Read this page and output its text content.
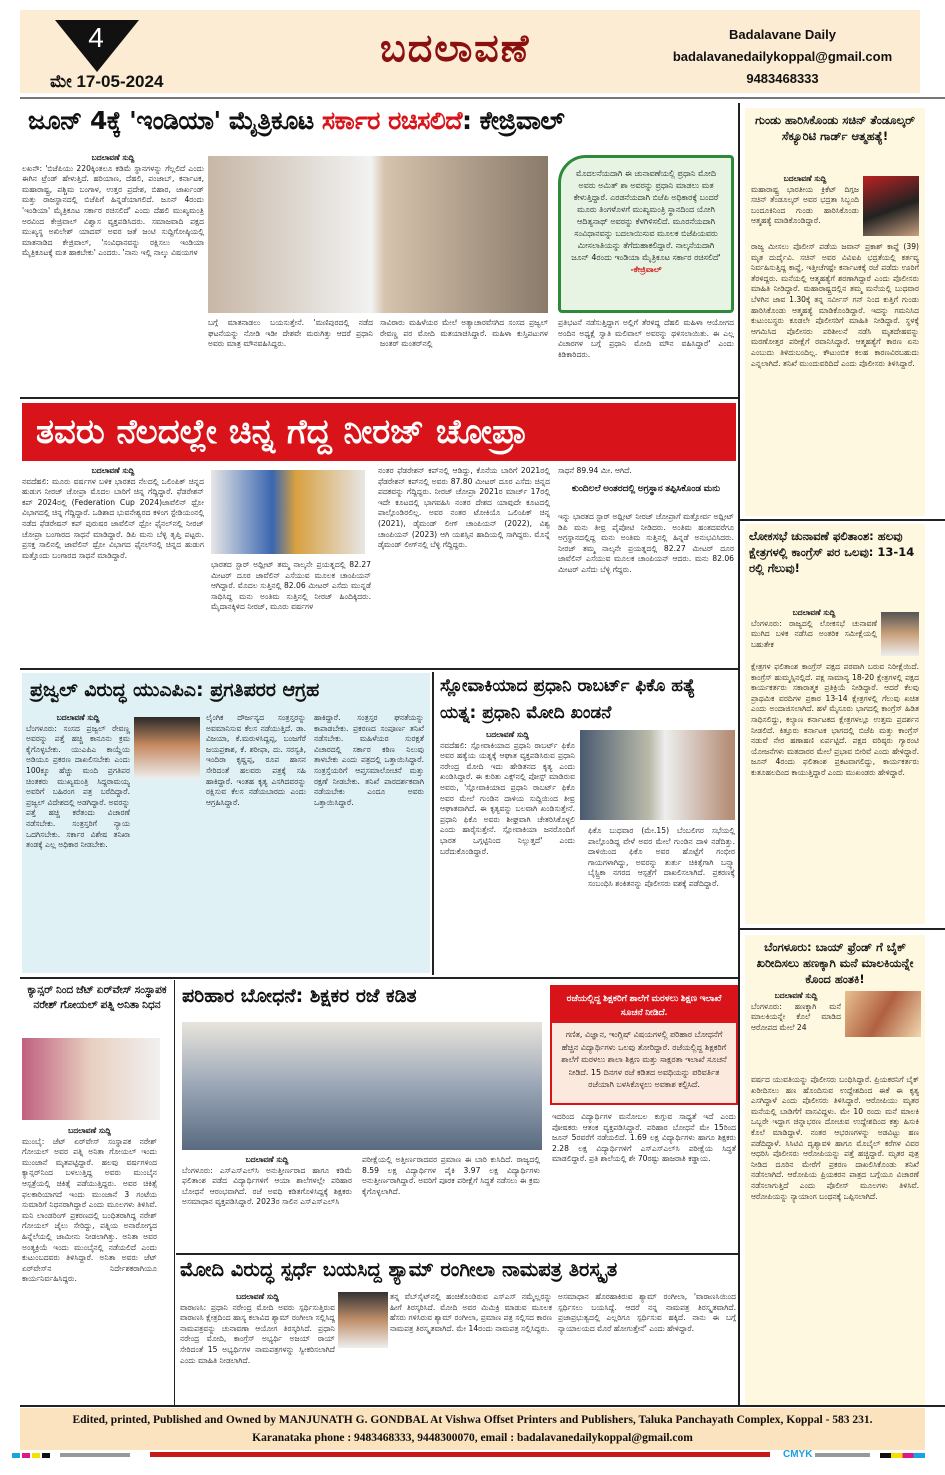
4
ಮೇ 17-05-2024
ಬದಲಾವಣೆ	Badalavane Daily
badalavanedailykoppal@gmail.com
9483468333
ಜೂನ್ 4ಕ್ಕೆ 'ಇಂಡಿಯಾ' ಮೈತ್ರಿಕೂಟ ಸರ್ಕಾರ ರಚಿಸಲಿದೆ: ಕೇಜ್ರಿವಾಲ್
ಬದಲಾವಣೆ ಸುದ್ದಿ
ಲಖನೌ: 'ಬಿಜೆಪಿಯು 220ಕ್ಕಿಂತಲೂ ಕಡಿಮೆ ಸ್ಥಾನಗಳನ್ನು ಗೆಲ್ಲಲಿದೆ ಎಂದು ಈಗಿನ ಟ್ರೆಂಡ್ ಹೇಳುತ್ತಿದೆ. ಹರಿಯಾಣ, ದೆಹಲಿ, ಪಂಜಾಬ್, ಕರ್ನಾಟಕ, ಮಹಾರಾಷ್ಟ್ರ, ಪಶ್ಚಿಮ ಬಂಗಾಳ, ಉತ್ತರ ಪ್ರದೇಶ, ಬಿಹಾರ, ಜಾರ್ಖಂಡ್ ಮತ್ತು ರಾಜಸ್ಥಾನದಲ್ಲಿ ಬಿಜೆಪಿಗೆ ಹಿನ್ನಡೆಯಾಗಲಿದೆ. ಜೂನ್ 4ರಂದು 'ಇಂಡಿಯಾ' ಮೈತ್ರಿಕೂಟ ಸರ್ಕಾರ ರಚಿಸಲಿದೆ' ಎಂದು ದೆಹಲಿ ಮುಖ್ಯಮಂತ್ರಿ ಅರವಿಂದ ಕೇಜ್ರಿವಾಲ್ ವಿಶ್ವಾಸ ವ್ಯಕ್ತಪಡಿಸಿದರು. ಸಮಾಜವಾದಿ ಪಕ್ಷದ ಮುಖ್ಯಸ್ಥ ಅಖಿಲೇಶ್ ಯಾದವ್ ಅವರ ಜತೆ ಜಂಟಿ ಸುದ್ದಿಗೋಷ್ಠಿಯಲ್ಲಿ ಮಾತನಾಡಿದ ಕೇಜ್ರಿವಾಲ್, 'ಸಂವಿಧಾನವನ್ನು ರಕ್ಷಿಸಲು ಇಂಡಿಯಾ ಮೈತ್ರಿಕೂಟಕ್ಕೆ ಮತ ಹಾಕಬೇಕು' ಎಂದರು. 'ನಾನು ಇಲ್ಲಿ ನಾಲ್ಕು ವಿಷಯಗಳ
ಬಗ್ಗೆ ಮಾತನಾಡಲು ಬಯಸುತ್ತೇನೆ. 'ಮಣಿಪುರದಲ್ಲಿ ನಡೆದ ಘಟನೆಯನ್ನು ನೋಡಿ ಇಡೀ ದೇಶವೇ ಮರುಗಿತ್ತು ಆದರೆ ಪ್ರಧಾನಿ ಅವರು ಮಾತ್ರ ಮೌನವಹಿಸಿದ್ದರು.
ಸಾವಿರಾರು ಮಹಿಳೆಯರ ಮೇಲೆ ಅತ್ಯಾಚಾರವೆಸಗಿದ ಸಂಸದ ಪ್ರಜ್ವಲ್ ರೇವಣ್ಣ ಪರ ಮೋದಿ ಮತಯಾಚಿಸಿದ್ದಾರೆ. ಮಹಿಳಾ ಕುಸ್ತಿಪಟುಗಳ ಜಂತರ್ ಮಂತರ್‌ನಲ್ಲಿ
ಮೊದಲನೆಯದಾಗಿ ಈ ಚುನಾವಣೆಯಲ್ಲಿ ಪ್ರಧಾನಿ ಮೋದಿ ಅವರು ಅಮಿತ್ ಶಾ ಅವರನ್ನು ಪ್ರಧಾನಿ ಮಾಡಲು ಮತ ಕೇಳುತ್ತಿದ್ದಾರೆ. ಎರಡನೆಯದಾಗಿ ಬಿಜೆಪಿ ಅಧಿಕಾರಕ್ಕೆ ಬಂದರೆ ಮೂರು ತಿಂಗಳೊಳಗೆ ಮುಖ್ಯಮಂತ್ರಿ ಸ್ಥಾನದಿಂದ ಯೋಗಿ ಆದಿತ್ಯನಾಥ್ ಅವರನ್ನು ಕೆಳಗಿಳಿಸಲಿದೆ. ಮೂರನೆಯದಾಗಿ ಸಂವಿಧಾನವನ್ನು ಬದಲಾಯಿಸುವ ಮೂಲಕ ಬಿಜೆಪಿಯವರು ಮೀಸಲಾತಿಯನ್ನು ತೆಗೆದುಹಾಕಲಿದ್ದಾರೆ. ನಾಲ್ಕನೆಯದಾಗಿ ಜೂನ್ 4ರಂದು ಇಂಡಿಯಾ ಮೈತ್ರಿಕೂಟ ಸರ್ಕಾರ ರಚಿಸಲಿದೆ' -ಕೇಜ್ರಿವಾಲ್
ಪ್ರತಿಭಟನೆ ನಡೆಸುತ್ತಿದ್ದಾಗ ಅಲ್ಲಿಗೆ ತೆರಳಿದ್ದ ದೆಹಲಿ ಮಹಿಳಾ ಆಯೋಗದ ಅಂದಿನ ಅಧ್ಯಕ್ಷೆ ಸ್ವಾತಿ ಮಲಿವಾಲ್ ಅವರನ್ನು ಥಳಿಸಲಾಯಿತು. ಈ ಎಲ್ಲ ವಿಚಾರಗಳ ಬಗ್ಗೆ ಪ್ರಧಾನಿ ಮೋದಿ ಮೌನ ವಹಿಸಿದ್ದಾರೆ' ಎಂದು ಕಿಡಿಕಾರಿದರು.
ಗುಂಡು ಹಾರಿಸಿಕೊಂಡು ಸಚಿನ್ ತೆಂಡೂಲ್ಕರ್ ಸೆಕ್ಯೂರಿಟಿ ಗಾರ್ಡ್ ಆತ್ಮಹತ್ಯೆ!
ಬದಲಾವಣೆ ಸುದ್ದಿ
ಮಹಾರಾಷ್ಟ್ರ ಭಾರತೀಯ ಕ್ರಿಕೆಟ್ ದಿಗ್ಗಜ ಸಚಿನ್ ತೆಂಡೂಲ್ಕರ್ ಅವರ ಭದ್ರತಾ ಸಿಬ್ಬಂದಿ ಬಂದೂಕಿನಿಂದ ಗುಂಡು ಹಾರಿಸಿಕೊಂಡು ಆತ್ಮಹತ್ಯೆ ಮಾಡಿಕೊಂಡಿದ್ದಾರೆ.
ರಾಜ್ಯ ಮೀಸಲು ಪೊಲೀಸ್ ಪಡೆಯ ಜವಾನ್ ಪ್ರಕಾಶ್ ಕಾಪ್ಡೆ (39) ಮೃತ ದುರ್ದೈವಿ. ಸಚಿನ್ ಅವರ ವಿವಿಐಪಿ ಭದ್ರತೆಯಲ್ಲಿ ಕರ್ತವ್ಯ ನಿರ್ವಹಿಸುತ್ತಿದ್ದ ಕಾಪ್ಡೆ, ಇತ್ತೀಚೆಗಷ್ಟೇ ಕರ್ನಾಟಕಕ್ಕೆ ರಜೆ ಪಡೆದು ಊರಿಗೆ ತೆರಳಿದ್ದರು. ಮನೆಯಲ್ಲಿ ಆತ್ಮಹತ್ಯೆಗೆ ಶರಣಾಗಿದ್ದಾರೆ ಎಂದು ಪೊಲೀಸರು ಮಾಹಿತಿ ನೀಡಿದ್ದಾರೆ. ಮಹಾರಾಷ್ಟ್ರದಲ್ಲಿನ ತಮ್ಮ ಮನೆಯಲ್ಲಿ ಬುಧವಾರ ಬೆಳಗಿನ ಜಾವ 1.30ಕ್ಕೆ ತನ್ನ ಸರ್ವೀಸ್ ಗನ್ ನಿಂದ ಕುತ್ತಿಗೆ ಗುಂಡು ಹಾರಿಸಿಕೊಂಡು ಆತ್ಮಹತ್ಯೆ ಮಾಡಿಕೊಂಡಿದ್ದಾರೆ. ಇದನ್ನು ಗಮನಿಸಿದ ಕುಟುಂಬಸ್ಥರು ಕೂಡಲೇ ಪೊಲೀಸರಿಗೆ ಮಾಹಿತಿ ನೀಡಿದ್ದಾರೆ. ಸ್ಥಳಕ್ಕೆ ಆಗಮಿಸಿದ ಪೊಲೀಸರು ಪರಿಶೀಲನೆ ನಡೆಸಿ ಮೃತದೇಹವನ್ನು ಮರಣೋತ್ತರ ಪರೀಕ್ಷೆಗೆ ರವಾನಿಸಿದ್ದಾರೆ. ಆತ್ಮಹತ್ಯೆಗೆ ಕಾರಣ ಏನು ಎಂಬುದು ತಿಳಿದುಬಂದಿಲ್ಲ. ಕೌಟುಂಬಿಕ ಕಲಹ ಕಾರಣವಿರಬಹುದು ಎನ್ನಲಾಗಿದೆ. ತನಿಖೆ ಮುಂದುವರಿದಿದೆ ಎಂದು ಪೊಲೀಸರು ತಿಳಿಸಿದ್ದಾರೆ.
ಲೋಕಸಭೆ ಚುನಾವಣೆ ಫಲಿತಾಂಶ: ಹಲವು ಕ್ಷೇತ್ರಗಳಲ್ಲಿ ಕಾಂಗ್ರೆಸ್ ಪರ ಒಲವು: 13-14 ರಲ್ಲಿ ಗೆಲುವು!
ಬದಲಾವಣೆ ಸುದ್ದಿ
ಬೆಂಗಳೂರು: ರಾಜ್ಯದಲ್ಲಿ ಲೋಕಸಭೆ ಚುನಾವಣೆ ಮುಗಿದ ಬಳಿಕ ನಡೆಸಿದ ಅಂತರಿಕ ಸಮೀಕ್ಷೆಯಲ್ಲಿ ಬಹುತೇಕ
ಕ್ಷೇತ್ರಗಳ ಫಲಿತಾಂಶ ಕಾಂಗ್ರೆಸ್ ಪಕ್ಷದ ಪರವಾಗಿ ಬರುವ ನಿರೀಕ್ಷೆಯಿದೆ. ಕಾಂಗ್ರೆಸ್ ಹುಮ್ಮಸ್ಸಿನಲ್ಲಿದೆ. ಪಕ್ಷ ಸಾಮಾನ್ಯ 18-20 ಕ್ಷೇತ್ರಗಳಲ್ಲಿ ಪಕ್ಷದ ಕಾರ್ಯಕರ್ತರು ಸಕಾರಾತ್ಮಕ ಪ್ರತಿಕ್ರಿಯೆ ನೀಡಿದ್ದಾರೆ. ಆದರೆ ಕೆಲವು ಪ್ರಾಥಮಿಕ ವರದಿಗಳ ಪ್ರಕಾರ 13-14 ಕ್ಷೇತ್ರಗಳಲ್ಲಿ ಗೆಲುವು ಖಚಿತ ಎಂದು ಅಂದಾಜಿಸಲಾಗಿದೆ. ಹಳೆ ಮೈಸೂರು ಭಾಗದಲ್ಲಿ ಕಾಂಗ್ರೆಸ್ ಹಿಡಿತ ಸಾಧಿಸಲಿದ್ದು, ಕಲ್ಯಾಣ ಕರ್ನಾಟಕದ ಕ್ಷೇತ್ರಗಳಲ್ಲೂ ಉತ್ತಮ ಪ್ರದರ್ಶನ ನೀಡಲಿದೆ. ಕಿತ್ತೂರು ಕರ್ನಾಟಕ ಭಾಗದಲ್ಲಿ ಬಿಜೆಪಿ ಮತ್ತು ಕಾಂಗ್ರೆಸ್ ನಡುವೆ ನೇರ ಹಣಾಹಣಿ ಏರ್ಪಟ್ಟಿದೆ. ಪಕ್ಷದ ವರಿಷ್ಠರು ಗ್ಯಾರಂಟಿ ಯೋಜನೆಗಳು ಮತದಾರರ ಮೇಲೆ ಪ್ರಭಾವ ಬೀರಿವೆ ಎಂದು ಹೇಳಿದ್ದಾರೆ. ಜೂನ್ 4ರಂದು ಫಲಿತಾಂಶ ಪ್ರಕಟವಾಗಲಿದ್ದು, ಕಾರ್ಯಕರ್ತರು ಕುತೂಹಲದಿಂದ ಕಾಯುತ್ತಿದ್ದಾರೆ ಎಂದು ಮುಖಂಡರು ಹೇಳಿದ್ದಾರೆ.
ಬೆಂಗಳೂರು: ಬಾಯ್ ಫ್ರೆಂಡ್ ಗೆ ಬೈಕ್ ಖರೀದಿಸಲು ಹಣಕ್ಕಾಗಿ ಮನೆ ಮಾಲಕಿಯನ್ನೇ ಕೊಂದ ಹಂತಕಿ!
ಬದಲಾವಣೆ ಸುದ್ದಿ
ಬೆಂಗಳೂರು: ಹಣಕ್ಕಾಗಿ ಮನೆ ಮಾಲಕಿಯನ್ನೇ ಕೊಲೆ ಮಾಡಿದ ಆರೋಪದ ಮೇಲೆ 24
ವರ್ಷದ ಯುವತಿಯನ್ನು ಪೊಲೀಸರು ಬಂಧಿಸಿದ್ದಾರೆ. ಪ್ರಿಯಕರನಿಗೆ ಬೈಕ್ ಖರೀದಿಸಲು ಹಣ ಹೊಂದಿಸುವ ಉದ್ದೇಶದಿಂದ ಈಕೆ ಈ ಕೃತ್ಯ ಎಸಗಿದ್ದಾಳೆ ಎಂದು ಪೊಲೀಸರು ತಿಳಿಸಿದ್ದಾರೆ. ಆರೋಪಿಯು ಮೃತರ ಮನೆಯಲ್ಲಿ ಬಾಡಿಗೆಗೆ ವಾಸವಿದ್ದಳು. ಮೇ 10 ರಂದು ಮನೆ ಮಾಲಕಿ ಒಬ್ಬರೇ ಇದ್ದಾಗ ಚಿನ್ನಾಭರಣ ದೋಚುವ ಉದ್ದೇಶದಿಂದ ಕತ್ತು ಹಿಸುಕಿ ಕೊಲೆ ಮಾಡಿದ್ದಾಳೆ. ನಂತರ ಆಭರಣಗಳನ್ನು ಅಡವಿಟ್ಟು ಹಣ ಪಡೆದಿದ್ದಾಳೆ. ಸಿಸಿಟಿವಿ ದೃಶ್ಯಾವಳಿ ಹಾಗೂ ಮೊಬೈಲ್ ಕರೆಗಳ ವಿವರ ಆಧರಿಸಿ ಪೊಲೀಸರು ಆರೋಪಿಯನ್ನು ಪತ್ತೆ ಹಚ್ಚಿದ್ದಾರೆ. ಮೃತರ ಪುತ್ರ ನೀಡಿದ ದೂರಿನ ಮೇರೆಗೆ ಪ್ರಕರಣ ದಾಖಲಿಸಿಕೊಂಡು ತನಿಖೆ ನಡೆಸಲಾಗಿದೆ. ಆರೋಪಿಯ ಪ್ರಿಯಕರನ ಪಾತ್ರದ ಬಗ್ಗೆಯೂ ವಿಚಾರಣೆ ನಡೆಸಲಾಗುತ್ತಿದೆ ಎಂದು ಪೊಲೀಸ್ ಮೂಲಗಳು ತಿಳಿಸಿವೆ. ಆರೋಪಿಯನ್ನು ನ್ಯಾಯಾಂಗ ಬಂಧನಕ್ಕೆ ಒಪ್ಪಿಸಲಾಗಿದೆ.
ತವರು ನೆಲದಲ್ಲೇ ಚಿನ್ನ ಗೆದ್ದ ನೀರಜ್ ಚೋಪ್ರಾ
ಬದಲಾವಣೆ ಸುದ್ದಿ
ನವದೆಹಲಿ: ಮೂರು ವರ್ಷಗಳ ಬಳಿಕ ಭಾರತದ ನೆಲದಲ್ಲಿ ಒಲಿಂಪಿಕ್ ಚಿನ್ನದ ಹುಡುಗ ನೀರಜ್ ಚೋಪ್ರಾ ಮೊದಲ ಬಾರಿಗೆ ಚಿನ್ನ ಗೆದ್ದಿದ್ದಾರೆ. ಫೆಡರೇಶನ್ ಕಪ್ 2024ರಲ್ಲಿ (Federation Cup 2024)ಜಾವೆಲಿನ್ ಥ್ರೋ ವಿಭಾಗದಲ್ಲಿ ಚಿನ್ನ ಗೆದ್ದಿದ್ದಾರೆ. ಒಡಿಶಾದ ಭುವನೇಶ್ವರದ ಕಳಿಂಗ ಸ್ಟೇಡಿಯಂನಲ್ಲಿ ನಡೆದ ಫೆಡರೇಷನ್ ಕಪ್ ಪುರುಷರ ಜಾವೆಲಿನ್ ಥ್ರೋ ಫೈನಲ್‌ನಲ್ಲಿ ನೀರಜ್ ಚೋಪ್ರಾ ಬಂಗಾರದ ಸಾಧನೆ ಮಾಡಿದ್ದಾರೆ. ಡಿಪಿ ಮನು ಬೆಳ್ಳಿ ತೃಪ್ತಿ ಪಟ್ಟರು. ಪ್ರಸಕ್ತ ಸಾಲಿನಲ್ಲಿ ಜಾವೆಲಿನ್ ಥ್ರೋ ವಿಭಾಗದ ಫೈನಲ್‌ನಲ್ಲಿ ಚಿನ್ನದ ಹುಡುಗ ಮತ್ತೊಂದು ಬಂಗಾರದ ಸಾಧನೆ ಮಾಡಿದ್ದಾರೆ.
ಭಾರತದ ಸ್ಟಾರ್ ಅಥ್ಲೀಟ್ ತಮ್ಮ ನಾಲ್ಕನೇ ಪ್ರಯತ್ನದಲ್ಲಿ 82.27 ಮೀಟರ್ ದೂರ ಜಾವೆಲಿನ್ ಎಸೆಯುವ ಮೂಲಕ ಚಾಂಪಿಯನ್ ಆಗಿದ್ದಾರೆ. ಮೊದಲ ಸುತ್ತಿನಲ್ಲಿ 82.06 ಮೀಟರ್ ಎಸೆದು ಮುನ್ನಡೆ ಸಾಧಿಸಿದ್ದ ಮನು ಅಂತಿಮ ಸುತ್ತಿನಲ್ಲಿ ನೀರಜ್ ಹಿಂದಿಕ್ಕಿದರು. ಮೈದಾನಕ್ಕಿಳಿದ ನೀರಜ್, ಮೂರು ವರ್ಷಗಳ
ನಂತರ ಫೆಡರೇಶನ್ ಕಪ್‌ನಲ್ಲಿ ಆಡಿದ್ದು, ಕೊನೆಯ ಬಾರಿಗೆ 2021ರಲ್ಲಿ ಫೆಡರೇಶನ್ ಕಪ್‌ನಲ್ಲಿ ಅವರು 87.80 ಮೀಟರ್ ದೂರ ಎಸೆದು ಚಿನ್ನದ ಪದಕವನ್ನು ಗೆದ್ದಿದ್ದರು. ನೀರಜ್ ಚೋಪ್ರಾ 2021ರ ಮಾರ್ಚ್ 17ರಲ್ಲಿ ಇದೇ ಕೂಟದಲ್ಲಿ ಭಾಗವಹಿಸಿ ನಂತರ ದೇಶದ ಯಾವುದೇ ಕೂಟದಲ್ಲಿ ಪಾಲ್ಗೊಂಡಿರಲಿಲ್ಲ. ಅವರ ನಂತರ ಟೋಕಿಯೊ ಒಲಿಂಪಿಕ್ ಚಿನ್ನ (2021), ಡೈಮಂಡ್ ಲೀಗ್ ಚಾಂಪಿಯನ್ (2022), ವಿಶ್ವ ಚಾಂಪಿಯನ್ (2023) ಆಗಿ ಯಶಸ್ಸಿನ ಹಾದಿಯಲ್ಲಿ ಸಾಗಿದ್ದರು. ಮೊನ್ನೆ ಡೈಮಂಡ್ ಲೀಗ್‌ನಲ್ಲಿ ಬೆಳ್ಳಿ ಗೆದ್ದಿದ್ದರು.
ಸಾಧನೆ 89.94 ಮೀ. ಆಗಿದೆ.
ಕುಂದಿಲಲೆ ಅಂತರದಲ್ಲಿ ಅಗ್ರಸ್ಥಾನ ತಪ್ಪಿಸಿಕೊಂಡ ಮನು
ಇನ್ನು ಭಾರತದ ಸ್ಟಾರ್ ಅಥ್ಲೀಟ್ ನೀರಜ್ ಚೋಪ್ರಾಗೆ ಮತ್ತೋರ್ವ ಅಥ್ಲೀಟ್ ಡಿಪಿ ಮನು ತೀವ್ರ ಪೈಪೋಟಿ ನೀಡಿದರು. ಅಂತಿಮ ಹಂತದವರೆಗೂ ಅಗ್ರಸ್ಥಾನದಲ್ಲಿದ್ದ ಮನು ಅಂತಿಮ ಸುತ್ತಿನಲ್ಲಿ ಹಿನ್ನಡೆ ಅನುಭವಿಸಿದರು. ನೀರಜ್ ತಮ್ಮ ನಾಲ್ಕನೇ ಪ್ರಯತ್ನದಲ್ಲಿ 82.27 ಮೀಟರ್ ದೂರ ಜಾವೆಲಿನ್ ಎಸೆಯುವ ಮೂಲಕ ಚಾಂಪಿಯನ್ ಆದರು. ಮನು 82.06 ಮೀಟರ್ ಎಸೆದು ಬೆಳ್ಳಿ ಗೆದ್ದರು.
ಪ್ರಜ್ವಲ್ ವಿರುದ್ಧ ಯುಎಪಿಎ: ಪ್ರಗತಿಪರರ ಆಗ್ರಹ
ಬದಲಾವಣೆ ಸುದ್ದಿ
ಬೆಂಗಳೂರು: ಸಂಸದ ಪ್ರಜ್ವಲ್ ರೇವಣ್ಣ ಅವರನ್ನು ಪತ್ತೆ ಹಚ್ಚಿ ಕಾನೂನು ಕ್ರಮ ಕೈಗೊಳ್ಳಬೇಕು. ಯುಎಪಿಎ ಕಾಯ್ದೆಯ ಅಡಿಯೂ ಪ್ರಕರಣ ದಾಖಲಿಸಬೇಕು ಎಂದು 100ಕ್ಕೂ ಹೆಚ್ಚು ಮಂದಿ ಪ್ರಗತಿಪರ ಚಿಂತಕರು ಮುಖ್ಯಮಂತ್ರಿ ಸಿದ್ದರಾಮಯ್ಯ ಅವರಿಗೆ ಬಹಿರಂಗ ಪತ್ರ ಬರೆದಿದ್ದಾರೆ. ಪ್ರಜ್ವಲ್ ವಿದೇಶದಲ್ಲಿ ಅಡಗಿದ್ದಾರೆ. ಅವರನ್ನು ಪತ್ತೆ ಹಚ್ಚಿ ಕರೆತಂದು ವಿಚಾರಣೆ ನಡೆಸಬೇಕು. ಸಂತ್ರಸ್ತರಿಗೆ ನ್ಯಾಯ ಒದಗಿಸಬೇಕು. ಸರ್ಕಾರ ವಿಶೇಷ ತನಿಖಾ ತಂಡಕ್ಕೆ ಎಲ್ಲ ಅಧಿಕಾರ ನೀಡಬೇಕು.
ಲೈಂಗಿಕ ದೌರ್ಜನ್ಯದ ಸಂತ್ರಸ್ತರನ್ನು ಅವಮಾನಿಸುವ ಕೆಲಸ ನಡೆಯುತ್ತಿದೆ. ಡಾ. ವಿಜಯಾ, ಕೆ.ಮರುಳಸಿದ್ದಪ್ಪ, ಬಂಜಗೆರೆ ಜಯಪ್ರಕಾಶ, ಕೆ. ಶರೀಫಾ, ದು. ಸರಸ್ವತಿ, ಇಂದಿರಾ ಕೃಷ್ಣಪ್ಪ, ರೂಪ ಹಾಸನ ಸೇರಿದಂತೆ ಹಲವರು ಪತ್ರಕ್ಕೆ ಸಹಿ ಹಾಕಿದ್ದಾರೆ. ಇಂತಹ ಕೃತ್ಯ ಎಸಗಿದವರನ್ನು ರಕ್ಷಿಸುವ ಕೆಲಸ ನಡೆಯಬಾರದು ಎಂದು ಆಗ್ರಹಿಸಿದ್ದಾರೆ.
ಹಾಕಿದ್ದಾರೆ. ಸಂತ್ರಸ್ತರ ಘನತೆಯನ್ನು ಕಾಪಾಡಬೇಕು. ಪ್ರಕರಣದ ಸಂಪೂರ್ಣ ತನಿಖೆ ನಡೆಸಬೇಕು. ಮಹಿಳೆಯರ ಸುರಕ್ಷತೆ ವಿಚಾರದಲ್ಲಿ ಸರ್ಕಾರ ಕಠಿಣ ನಿಲುವು ತಾಳಬೇಕು ಎಂದು ಪತ್ರದಲ್ಲಿ ಒತ್ತಾಯಿಸಿದ್ದಾರೆ. ಸಂತ್ರಸ್ತೆಯರಿಗೆ ಆಪ್ತಸಮಾಲೋಚನೆ ಮತ್ತು ರಕ್ಷಣೆ ನೀಡಬೇಕು. ತನಿಖೆ ಪಾರದರ್ಶಕವಾಗಿ ನಡೆಯಬೇಕು ಎಂದೂ ಅವರು ಒತ್ತಾಯಿಸಿದ್ದಾರೆ.
ಸ್ಲೋವಾಕಿಯಾದ ಪ್ರಧಾನಿ ರಾಬರ್ಟ್ ಫಿಕೊ ಹತ್ಯೆ ಯತ್ನ: ಪ್ರಧಾನಿ ಮೋದಿ ಖಂಡನೆ
ಬದಲಾವಣೆ ಸುದ್ದಿ
ನವದೆಹಲಿ: ಸ್ಲೋವಾಕಿಯಾದ ಪ್ರಧಾನಿ ರಾಬರ್ಟ್ ಫಿಕೊ ಅವರ ಹತ್ಯೆಯ ಯತ್ನಕ್ಕೆ ಆಘಾತ ವ್ಯಕ್ತಪಡಿಸಿರುವ ಪ್ರಧಾನಿ ನರೇಂದ್ರ ಮೋದಿ ಇದು ಹೇಡಿತನದ ಕೃತ್ಯ ಎಂದು ಖಂಡಿಸಿದ್ದಾರೆ. ಈ ಕುರಿತು ಎಕ್ಸ್‌ನಲ್ಲಿ ಪೋಸ್ಟ್ ಮಾಡಿರುವ ಅವರು, 'ಸ್ಲೋವಾಕಿಯಾದ ಪ್ರಧಾನಿ ರಾಬರ್ಟ್ ಫಿಕೊ ಅವರ ಮೇಲೆ ಗುಂಡಿನ ದಾಳಿಯ ಸುದ್ದಿಯಿಂದ ತೀವ್ರ ಆಘಾತವಾಗಿದೆ. ಈ ಕೃತ್ಯವನ್ನು ಬಲವಾಗಿ ಖಂಡಿಸುತ್ತೇನೆ. ಪ್ರಧಾನಿ ಫಿಕೊ ಅವರು ಶೀಘ್ರವಾಗಿ ಚೇತರಿಸಿಕೊಳ್ಳಲಿ ಎಂದು ಹಾರೈಸುತ್ತೇನೆ. ಸ್ಲೋವಾಕಿಯಾ ಜನರೊಂದಿಗೆ ಭಾರತ ಒಗ್ಗಟ್ಟಿನಿಂದ ನಿಲ್ಲುತ್ತದೆ' ಎಂದು ಬರೆದುಕೊಂಡಿದ್ದಾರೆ.
ಫಿಕೊ ಬುಧವಾರ (ಮೇ.15) ಬೆಂಬಲಿಗರ ಸಭೆಯಲ್ಲಿ ಪಾಲ್ಗೊಂಡಿದ್ದ ವೇಳೆ ಅವರ ಮೇಲೆ ಗುಂಡಿನ ದಾಳಿ ನಡೆದಿತ್ತು. ದಾಳಿಯಿಂದ ಫಿಕೊ ಅವರ ಹೊಟ್ಟೆಗೆ ಗಂಭೀರ ಗಾಯಗಳಾಗಿದ್ದು, ಅವರನ್ನು ತುರ್ತು ಚಿಕಿತ್ಸೆಗಾಗಿ ಬನ್ಸ್ಕಾ ಬೈಸ್ಟ್ರಿಕಾ ನಗರದ ಆಸ್ಪತ್ರೆಗೆ ದಾಖಲಿಸಲಾಗಿದೆ. ಪ್ರಕರಣಕ್ಕೆ ಸಂಬಂಧಿಸಿ ಶಂಕಿತನನ್ನು ಪೊಲೀಸರು ವಶಕ್ಕೆ ಪಡೆದಿದ್ದಾರೆ.
ಕ್ಯಾನ್ಸರ್ ನಿಂದ ಜೆಟ್ ಏರ್‌ವೇಸ್ ಸಂಸ್ಥಾಪಕ ನರೇಶ್ ಗೋಯಲ್ ಪತ್ನಿ ಅನಿತಾ ನಿಧನ
ಬದಲಾವಣೆ ಸುದ್ದಿ
ಮುಂಬೈ: ಜೆಟ್ ಏರ್‌ವೇಸ್ ಸಂಸ್ಥಾಪಕ ನರೇಶ್ ಗೋಯಲ್ ಅವರ ಪತ್ನಿ ಅನಿತಾ ಗೋಯಲ್ ಇಂದು ಮುಂಜಾನೆ ಮೃತಪಟ್ಟಿದ್ದಾರೆ. ಹಲವು ವರ್ಷಗಳಿಂದ ಕ್ಯಾನ್ಸರ್‌ನಿಂದ ಬಳಲುತ್ತಿದ್ದ ಅವರು ಮುಂಬೈನ ಆಸ್ಪತ್ರೆಯಲ್ಲಿ ಚಿಕಿತ್ಸೆ ಪಡೆಯುತ್ತಿದ್ದರು. ಅವರ ಚಿಕಿತ್ಸೆ ಫಲಕಾರಿಯಾಗದೆ ಇಂದು ಮುಂಜಾನೆ 3 ಗಂಟೆಯ ಸುಮಾರಿಗೆ ನಿಧನರಾಗಿದ್ದಾರೆ ಎಂದು ಮೂಲಗಳು ತಿಳಿಸಿವೆ. ಮನಿ ಲಾಂಡರಿಂಗ್ ಪ್ರಕರಣದಲ್ಲಿ ಬಂಧಿತರಾಗಿದ್ದ ನರೇಶ್ ಗೋಯಲ್ ಜೈಲು ಸೇರಿದ್ದು, ಪತ್ನಿಯ ಅನಾರೋಗ್ಯದ ಹಿನ್ನೆಲೆಯಲ್ಲಿ ಜಾಮೀನು ನೀಡಲಾಗಿತ್ತು. ಅನಿತಾ ಅವರ ಅಂತ್ಯಕ್ರಿಯೆ ಇಂದು ಮುಂಬೈನಲ್ಲಿ ನಡೆಯಲಿದೆ ಎಂದು ಕುಟುಂಬದವರು ತಿಳಿಸಿದ್ದಾರೆ. ಅನಿತಾ ಅವರು ಜೆಟ್ ಏರ್‌ವೇಸ್‌ನ ನಿರ್ದೇಶಕರಾಗಿಯೂ ಕಾರ್ಯನಿರ್ವಹಿಸಿದ್ದರು.
ಪರಿಹಾರ ಬೋಧನೆ: ಶಿಕ್ಷಕರ ರಜೆ ಕಡಿತ	ರಜೆಯಲ್ಲಿದ್ದ ಶಿಕ್ಷಕರಿಗೆ ಶಾಲೆಗೆ ಮರಳಲು ಶಿಕ್ಷಣ ಇಲಾಖೆ ಸೂಚನೆ ನೀಡಿದೆ.
ಗಣಿತ, ವಿಜ್ಞಾನ, ಇಂಗ್ಲಿಷ್ ವಿಷಯಗಳಲ್ಲಿ ಪರಿಹಾರ ಬೋಧನೆಗೆ ಹೆಚ್ಚಿನ ವಿದ್ಯಾರ್ಥಿಗಳು ಒಲವು ತೋರಿದ್ದಾರೆ. ರಜೆಯಲ್ಲಿದ್ದ ಶಿಕ್ಷಕರಿಗೆ ಶಾಲೆಗೆ ಮರಳಲು ಶಾಲಾ ಶಿಕ್ಷಣ ಮತ್ತು ಸಾಕ್ಷರತಾ ಇಲಾಖೆ ಸೂಚನೆ ನೀಡಿದೆ. 15 ದಿನಗಳ ರಜೆ ಕಡಿತದ ಅವಧಿಯನ್ನು ಪರಿವರ್ತಿತ ರಜೆಯಾಗಿ ಬಳಸಿಕೊಳ್ಳಲು ಅವಕಾಶ ಕಲ್ಪಿಸಿದೆ.
ಬದಲಾವಣೆ ಸುದ್ದಿ
ಬೆಂಗಳೂರು: ಎಸ್ಎಸ್ಎಲ್‌ಸಿ ಅನುತ್ತೀರ್ಣರಾದ ಹಾಗೂ ಕಡಿಮೆ ಫಲಿತಾಂಶ ಪಡೆದ ವಿದ್ಯಾರ್ಥಿಗಳಿಗೆ ಆಯಾ ಶಾಲೆಗಳಲ್ಲೇ ಪರಿಹಾರ ಬೋಧನೆ ಆರಂಭವಾಗಿದೆ. ರಜೆ ಅವಧಿ ಕಡಿತಗೊಳಿಸಿದ್ದಕ್ಕೆ ಶಿಕ್ಷಕರು ಅಸಮಾಧಾನ ವ್ಯಕ್ತಪಡಿಸಿದ್ದಾರೆ. 2023ರ ಸಾಲಿನ ಎಸ್ಎಸ್ಎಲ್‌ಸಿ
ಪರೀಕ್ಷೆಯಲ್ಲಿ ಅತ್ತೀರ್ಣರಾದವರ ಪ್ರಮಾಣ ಈ ಬಾರಿ ಕುಸಿದಿದೆ. ರಾಜ್ಯದಲ್ಲಿ 8.59 ಲಕ್ಷ ವಿದ್ಯಾರ್ಥಿಗಳ ಪೈಕಿ 3.97 ಲಕ್ಷ ವಿದ್ಯಾರ್ಥಿಗಳು ಅನುತ್ತೀರ್ಣರಾಗಿದ್ದಾರೆ. ಅವರಿಗೆ ಪೂರಕ ಪರೀಕ್ಷೆಗೆ ಸಿದ್ಧತೆ ನಡೆಸಲು ಈ ಕ್ರಮ ಕೈಗೊಳ್ಳಲಾಗಿದೆ.
ಇದರಿಂದ ವಿದ್ಯಾರ್ಥಿಗಳ ಮನೋಬಲ ಕುಗ್ಗುವ ಸಾಧ್ಯತೆ ಇದೆ ಎಂದು ಪೋಷಕರು ಆತಂಕ ವ್ಯಕ್ತಪಡಿಸಿದ್ದಾರೆ. ಪರಿಹಾರ ಬೋಧನೆ ಮೇ 15ರಿಂದ ಜೂನ್ 5ರವರೆಗೆ ನಡೆಯಲಿದೆ. 1.69 ಲಕ್ಷ ವಿದ್ಯಾರ್ಥಿಗಳು ಹಾಗೂ ಶಿಕ್ಷಕರು 2.28 ಲಕ್ಷ ವಿದ್ಯಾರ್ಥಿಗಳಿಗೆ ಎಸ್ಎಸ್ಎಲ್‌ಸಿ ಪರೀಕ್ಷೆಯ ಸಿದ್ಧತೆ ಮಾಡಲಿದ್ದಾರೆ. ಪ್ರತಿ ಶಾಲೆಯಲ್ಲಿ ಶೇ 70ರಷ್ಟು ಹಾಜರಾತಿ ಕಡ್ಡಾಯ.
ಮೋದಿ ವಿರುದ್ಧ ಸ್ಪರ್ಧೆ ಬಯಸಿದ್ದ ಶ್ಯಾಮ್ ರಂಗೀಲಾ ನಾಮಪತ್ರ ತಿರಸ್ಕೃತ
ಬದಲಾವಣೆ ಸುದ್ದಿ
ವಾರಾಣಸಿ: ಪ್ರಧಾನಿ ನರೇಂದ್ರ ಮೋದಿ ಅವರು ಸ್ಪರ್ಧಿಸುತ್ತಿರುವ ವಾರಾಣಸಿ ಕ್ಷೇತ್ರದಿಂದ ಹಾಸ್ಯ ಕಲಾವಿದ ಶ್ಯಾಮ್ ರಂಗೀಲಾ ಸಲ್ಲಿಸಿದ್ದ ನಾಮಪತ್ರವನ್ನು ಚುನಾವಣಾ ಆಯೋಗ ತಿರಸ್ಕರಿಸಿದೆ. ಪ್ರಧಾನಿ ನರೇಂದ್ರ ಮೋದಿ, ಕಾಂಗ್ರೆಸ್ ಅಭ್ಯರ್ಥಿ ಅಜಯ್ ರಾಯ್ ಸೇರಿದಂತೆ 15 ಅಭ್ಯರ್ಥಿಗಳ ನಾಮಪತ್ರಗಳನ್ನು ಸ್ವೀಕರಿಸಲಾಗಿದೆ ಎಂದು ಮಾಹಿತಿ ನೀಡಲಾಗಿದೆ.
ತನ್ನ ವೆಬ್‌ಸೈಟ್‌ನಲ್ಲಿ ಹಂಚಿಕೊಂಡಿರುವ ಎಸ್ಎಸ್ ನಮ್ಮೆಲ್ಲರನ್ನು ಹೀಗೆ ತಿರಸ್ಕರಿಸಿದೆ. ಮೋದಿ ಅವರ ಮಿಮಿಕ್ರಿ ಮಾಡುವ ಮೂಲಕ ಹೆಸರು ಗಳಿಸಿರುವ ಶ್ಯಾಮ್ ರಂಗೀಲಾ, ಪ್ರಮಾಣ ಪತ್ರ ಸಲ್ಲಿಸದ ಕಾರಣ ನಾಮಪತ್ರ ತಿರಸ್ಕೃತವಾಗಿದೆ. ಮೇ 14ರಂದು ನಾಮಪತ್ರ ಸಲ್ಲಿಸಿದ್ದರು.
ಅಸಮಾಧಾನ ಹೊರಹಾಕಿರುವ ಶ್ಯಾಮ್ ರಂಗೀಲಾ, 'ವಾರಾಣಸಿಯಿಂದ ಸ್ಪರ್ಧಿಸಲು ಬಯಸಿದ್ದೆ. ಆದರೆ ನನ್ನ ನಾಮಪತ್ರ ತಿರಸ್ಕೃತವಾಗಿದೆ. ಪ್ರಜಾಪ್ರಭುತ್ವದಲ್ಲಿ ಎಲ್ಲರಿಗೂ ಸ್ಪರ್ಧಿಸುವ ಹಕ್ಕಿದೆ. ನಾನು ಈ ಬಗ್ಗೆ ನ್ಯಾಯಾಲಯದ ಮೊರೆ ಹೋಗುತ್ತೇನೆ' ಎಂದು ಹೇಳಿದ್ದಾರೆ.
Edited, printed, Published and Owned by MANJUNATH G. GONDBAL At Vishwa Offset Printers and Publishers, Taluka Panchayath Complex, Koppal - 583 231.
Karanataka phone : 9483468333, 9448300070, email : badalavanedailykoppal@gmail.com
CMYK
